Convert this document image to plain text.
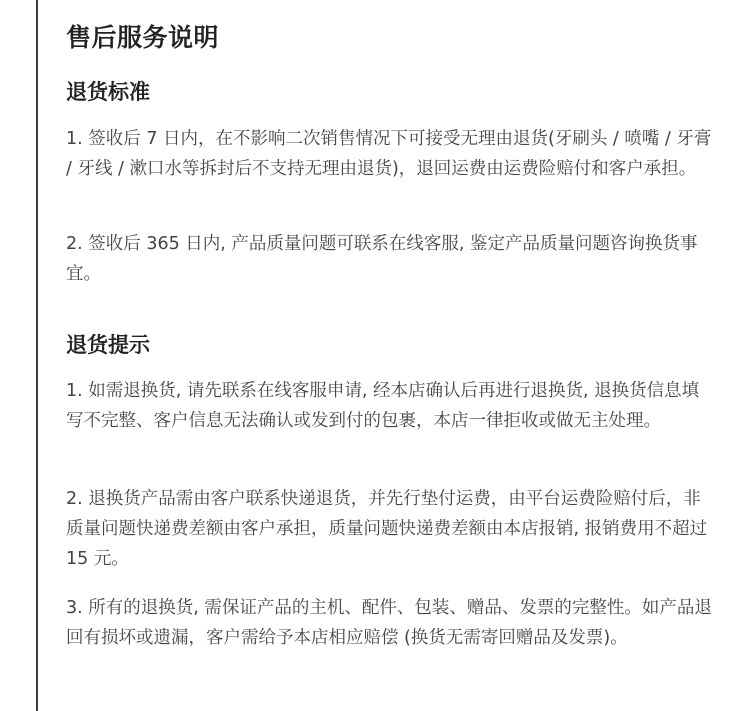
售后服务说明
退货标准

1. 签收后 7 日内，在不影响二次销售情况下可接受无理由退货(牙刷头 / 喷嘴 / 牙膏 / 牙线 / 漱口水等拆封后不支持无理由退货)，退回运费由运费险赔付和客户承担。

2. 签收后 365 日内, 产品质量问题可联系在线客服, 鉴定产品质量问题咨询换货事宜。

退货提示

1. 如需退换货, 请先联系在线客服申请, 经本店确认后再进行退换货, 退换货信息填写不完整、客户信息无法确认或发到付的包裹，本店一律拒收或做无主处理。

2. 退换货产品需由客户联系快递退货，并先行垫付运费，由平台运费险赔付后，非质量问题快递费差额由客户承担，质量问题快递费差额由本店报销, 报销费用不超过 15 元。

3. 所有的退换货, 需保证产品的主机、配件、包装、赠品、发票的完整性。如产品退回有损坏或遗漏，客户需给予本店相应赔偿 (换货无需寄回赠品及发票)。
